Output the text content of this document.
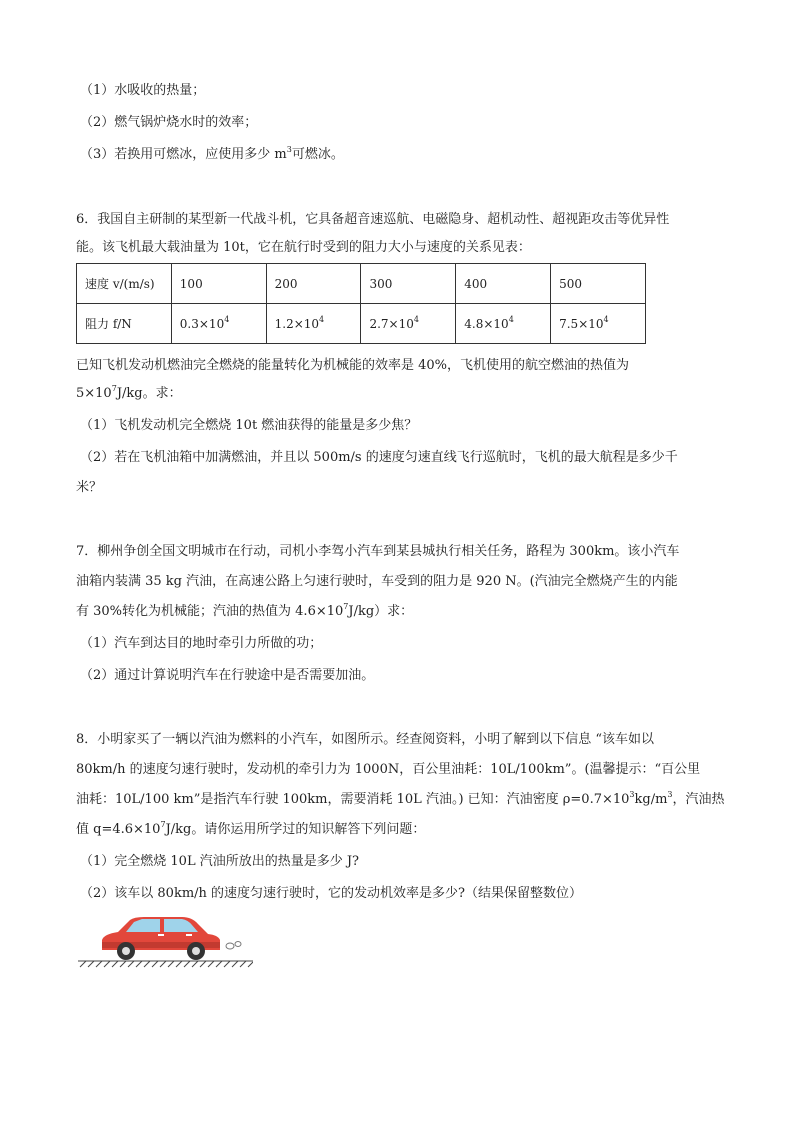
（1）水吸收的热量；
（2）燃气锅炉烧水时的效率；
（3）若换用可燃冰，应使用多少 $m^3$可燃冰。
6．我国自主研制的某型新一代战斗机，它具备超音速巡航、电磁隐身、超机动性、超视距攻击等优异性
能。该飞机最大载油量为 10t，它在航行时受到的阻力大小与速度的关系见表：
速度 v/(m/s)	100	200	300	400	500
阻力 f/N	$0.3\times 10^4$	$1.2\times 10^4$	$2.7\times 10^4$	$4.8\times 10^4$	$7.5\times 10^4$
已知飞机发动机燃油完全燃烧的能量转化为机械能的效率是 40%，飞机使用的航空燃油的热值为
$5\times 10^7J/kg$。求：
（1）飞机发动机完全燃烧 10t 燃油获得的能量是多少焦？
（2）若在飞机油箱中加满燃油，并且以 500m/s 的速度匀速直线飞行巡航时，飞机的最大航程是多少千
米？
7．柳州争创全国文明城市在行动，司机小李驾小汽车到某县城执行相关任务，路程为 300km。该小汽车
油箱内装满 35 kg 汽油，在高速公路上匀速行驶时，车受到的阻力是 920 N。(汽油完全燃烧产生的内能
有 30%转化为机械能；汽油的热值为 $4.6\times 10^7J/kg$）求：
（1）汽车到达目的地时牵引力所做的功；
（2）通过计算说明汽车在行驶途中是否需要加油。
8．小明家买了一辆以汽油为燃料的小汽车，如图所示。经查阅资料，小明了解到以下信息 “该车如以
80km/h 的速度匀速行驶时，发动机的牵引力为 1000N，百公里油耗：10L/100km”。(温馨提示：“百公里
油耗：10L/100 km”是指汽车行驶 100km，需要消耗 10L 汽油。) 已知：汽油密度 $\rho=0.7\times 10^3kg/m^3$，汽油热
值 $q=4.6\times 10^7J/kg$。请你运用所学过的知识解答下列问题：
（1）完全燃烧 10L 汽油所放出的热量是多少 J?
（2）该车以 80km/h 的速度匀速行驶时，它的发动机效率是多少?（结果保留整数位）
